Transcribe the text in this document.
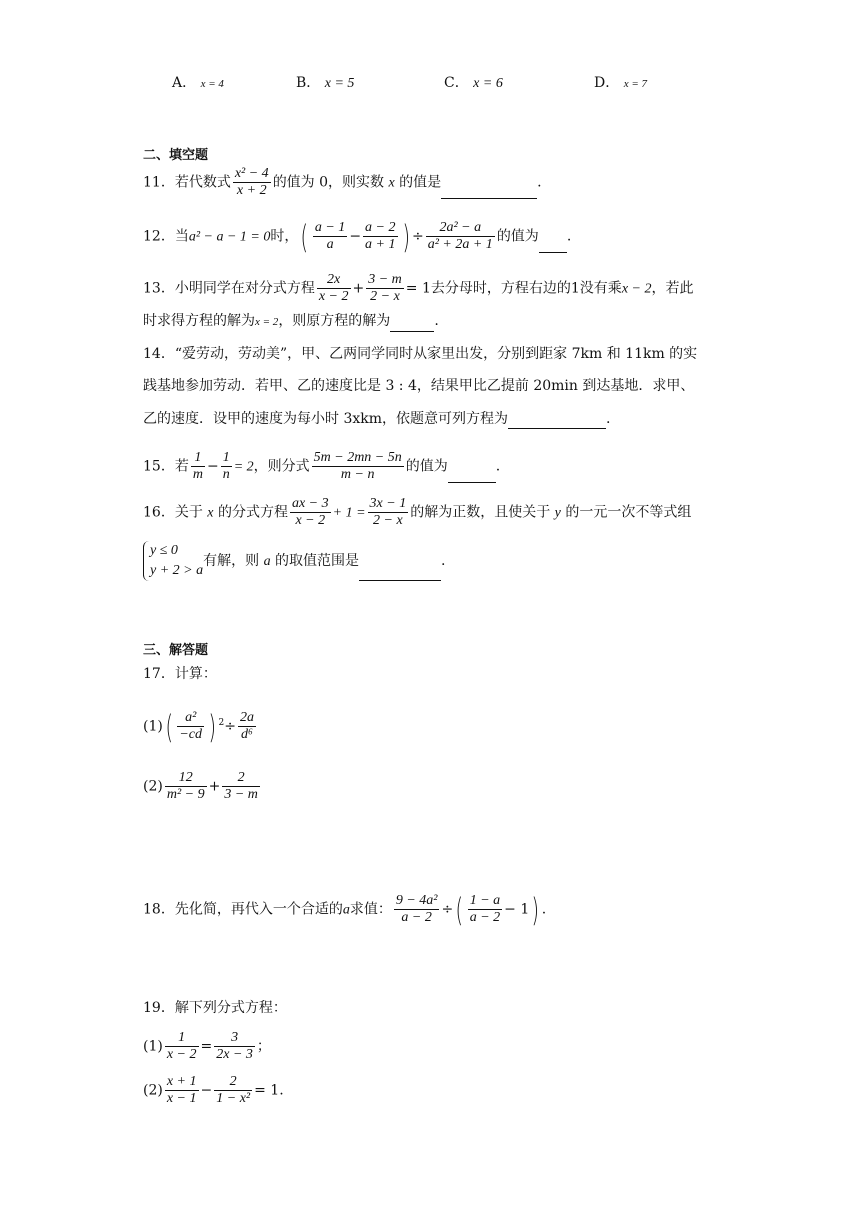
A． x = 4	B． x = 5	C． x = 6	D． x = 7
二、填空题
11．若代数式 $\frac{\text{x² − 4}}{x + 2}$ 的值为 0，则实数 x 的值是	.
12．当a² − a − 1 = 0时，( $\frac{a - 1}{a} - \frac{a - 2}{a + 1}$ ) ÷ $\frac{\text{2a² − a}}{\text{a² + 2a + 1}}$ 的值为 .
13．小明同学在对分式方程 $\frac{2x}{x - 2} + \frac{3 - m}{2 - x} = 1$去分母时，方程右边的1没有乘x − 2，若此
时求得方程的解为x = 2，则原方程的解为	.
14．“爱劳动，劳动美”，甲、乙两同学同时从家里出发，分别到距家 7km 和 11km 的实
践基地参加劳动．若甲、乙的速度比是 3 : 4，结果甲比乙提前 20min 到达基地．求甲、
乙的速度．设甲的速度为每小时 3xkm，依题意可列方程为	.
15．若 $\frac{1}{m} - \frac{1}{n} = 2$，则分式 $\frac{5m - 2mn - 5n}{m - n}$ 的值为	.
16．关于 x 的分式方程 $\frac{ax - 3}{x - 2} + 1 = \frac{3x - 1}{2 - x}$ 的解为正数，且使关于 y 的一元一次不等式组
y ≤ 0
y + 2 > a
有解，则 a 的取值范围是	.
三、解答题
17．计算：
$(1)( \frac{\text{a²}}{-cd}$ ) $^2\div \frac{2a}{\text{d⁶}}$
$(2) \frac{12}{\text{m² − 9}} + \frac{2}{3 - m}$
18．先化简，再代入一个合适的a求值： $\frac{\text{9 − 4a²}}{a - 2}$ ÷( $\frac{1 - a}{a - 2} - 1$) .
19．解下列分式方程：
$(1) \frac{1}{x - 2} = \frac{3}{2x - 3}$ ；
$(2) \frac{x + 1}{x - 1} - \frac{2}{\text{1 − x²}} = 1$.
